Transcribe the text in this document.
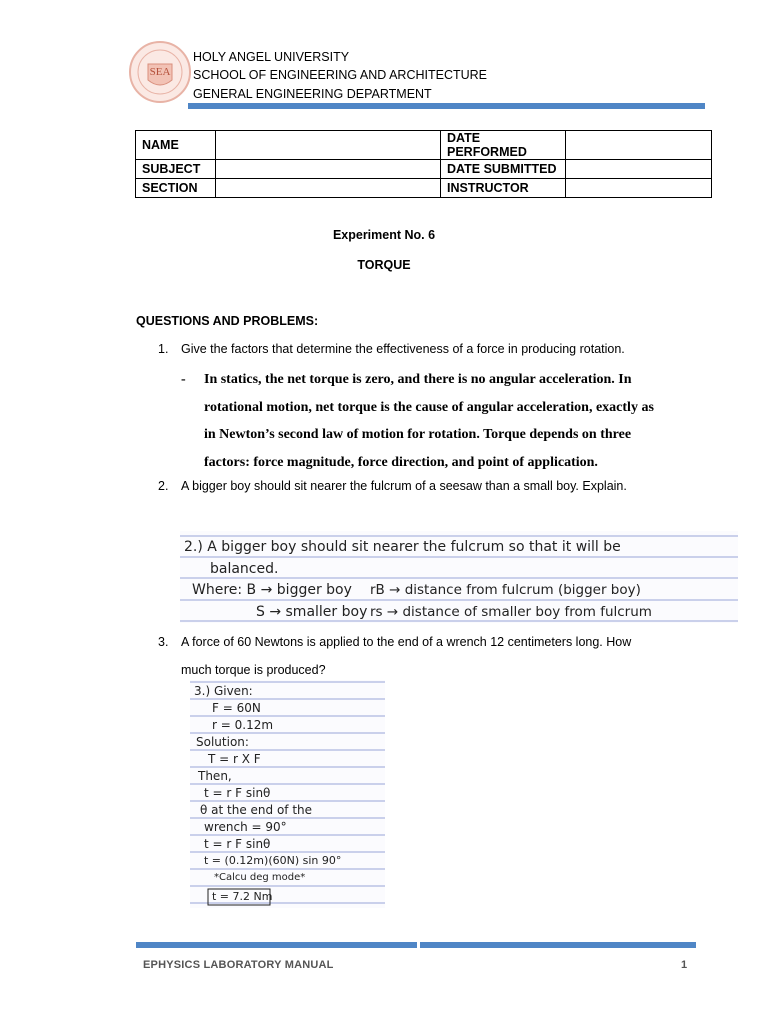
SEA
HOLY ANGEL UNIVERSITY
SCHOOL OF ENGINEERING AND ARCHITECTURE
GENERAL ENGINEERING DEPARTMENT
NAME		DATE PERFORMED	
SUBJECT		DATE SUBMITTED	
SECTION		INSTRUCTOR	
Experiment No. 6
TORQUE
QUESTIONS AND PROBLEMS:
1. Give the factors that determine the effectiveness of a force in producing rotation.
- In statics, the net torque is zero, and there is no angular acceleration. In
rotational motion, net torque is the cause of angular acceleration, exactly as
in Newton’s second law of motion for rotation. Torque depends on three
factors: force magnitude, force direction, and point of application.
2. A bigger boy should sit nearer the fulcrum of a seesaw than a small boy. Explain.
2.) A bigger boy should sit nearer the fulcrum so that it will be
balanced.
Where: B → bigger boy
S → smaller boy
rB → distance from fulcrum (bigger boy)
rs → distance of smaller boy from fulcrum
3. A force of 60 Newtons is applied to the end of a wrench 12 centimeters long. How
much torque is produced?
3.) Given:
F = 60N
r = 0.12m
Solution:
T = r X F
Then,
t = r F sinθ
θ at the end of the
wrench = 90°
t = r F sinθ
t = (0.12m)(60N) sin 90°
*Calcu deg mode*
t = 7.2 Nm
EPHYSICS LABORATORY MANUAL	1
